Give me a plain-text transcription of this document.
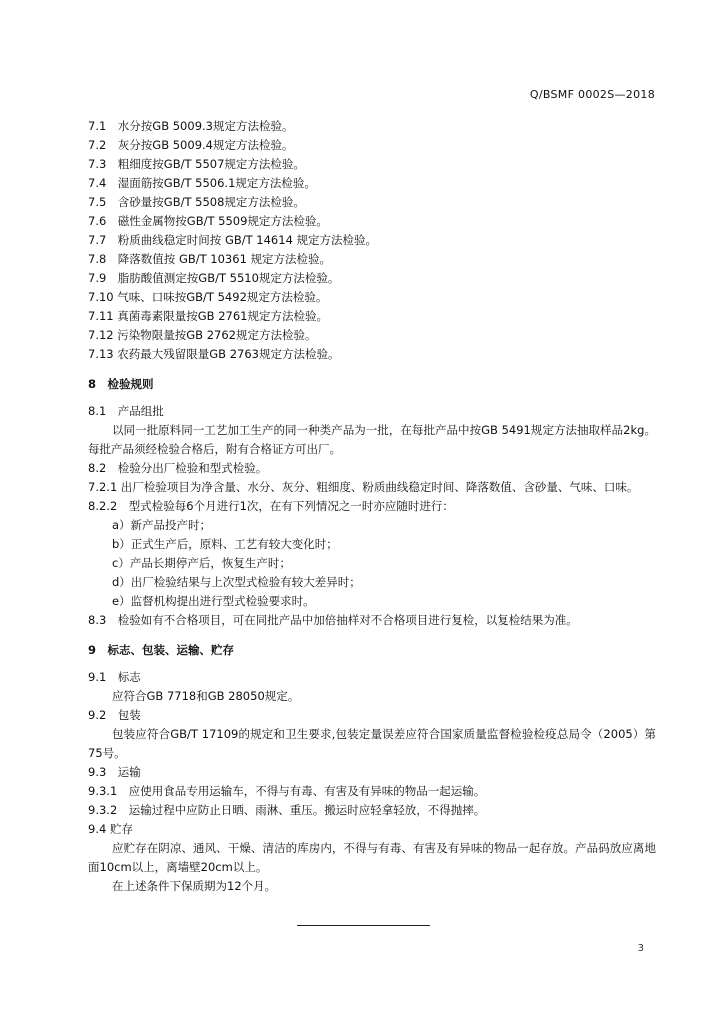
Q/BSMF 0002S—2018
7.1　水分按GB 5009.3规定方法检验。
7.2　灰分按GB 5009.4规定方法检验。
7.3　粗细度按GB/T 5507规定方法检验。
7.4　湿面筋按GB/T 5506.1规定方法检验。
7.5　含砂量按GB/T 5508规定方法检验。
7.6　磁性金属物按GB/T 5509规定方法检验。
7.7　粉质曲线稳定时间按 GB/T 14614 规定方法检验。
7.8　降落数值按 GB/T 10361 规定方法检验。
7.9　脂肪酸值测定按GB/T 5510规定方法检验。
7.10 气味、口味按GB/T 5492规定方法检验。
7.11 真菌毒素限量按GB 2761规定方法检验。
7.12 污染物限量按GB 2762规定方法检验。
7.13 农药最大残留限量GB 2763规定方法检验。
8　检验规则
8.1　产品组批
以同一批原料同一工艺加工生产的同一种类产品为一批，在每批产品中按GB 5491规定方法抽取样品2kg。每批产品须经检验合格后，附有合格证方可出厂。
8.2　检验分出厂检验和型式检验。
7.2.1 出厂检验项目为净含量、水分、灰分、粗细度、粉质曲线稳定时间、降落数值、含砂量、气味、口味。
8.2.2　型式检验每6个月进行1次，在有下列情况之一时亦应随时进行：
a）新产品投产时；
b）正式生产后，原料、工艺有较大变化时；
c）产品长期停产后，恢复生产时；
d）出厂检验结果与上次型式检验有较大差异时；
e）监督机构提出进行型式检验要求时。
8.3　检验如有不合格项目，可在同批产品中加倍抽样对不合格项目进行复检，以复检结果为准。
9　标志、包装、运输、贮存
9.1　标志
应符合GB 7718和GB 28050规定。
9.2　包装
包装应符合GB/T 17109的规定和卫生要求,包装定量误差应符合国家质量监督检验检疫总局令（2005）第75号。
9.3　运输
9.3.1　应使用食品专用运输车，不得与有毒、有害及有异味的物品一起运输。
9.3.2　运输过程中应防止日晒、雨淋、重压。搬运时应轻拿轻放，不得抛摔。
9.4 贮存
应贮存在阴凉、通风、干燥、清洁的库房内，不得与有毒、有害及有异味的物品一起存放。产品码放应离地面10cm以上，离墙壁20cm以上。
在上述条件下保质期为12个月。
3
